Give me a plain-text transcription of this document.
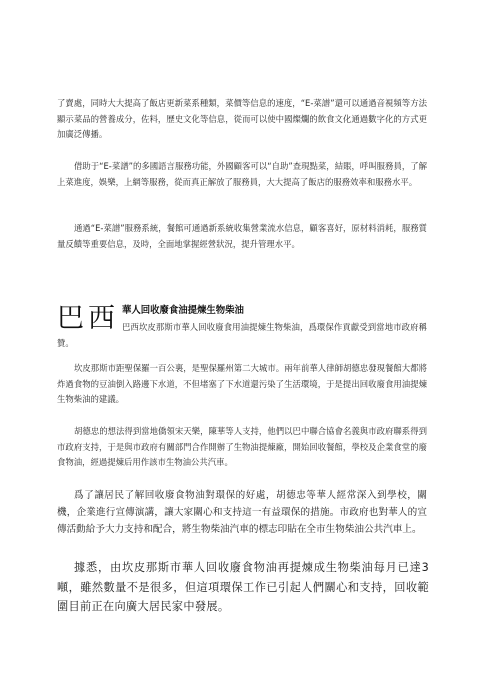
了賣處，同時大大提高了飯店更新菜系種類，菜價等信息的速度，“E-菜譜”還可以通過音視頻等方法顯示菜品的營養成分，佐料，歷史文化等信息，從而可以使中國燦爛的飲食文化通過數字化的方式更加廣泛傳播。

借助于“E-菜譜”的多國語言服務功能，外國顧客可以“自助”查現點菜，結賬，呼叫服務員，了解上菜進度，娛樂，上網等服務，從而真正解放了服務員，大大提高了飯店的服務效率和服務水平。

通過“E-菜譜”服務系統，餐館可通過新系統收集營業流水信息，顧客喜好，原材料消耗，服務質量反饋等重要信息，及時，全面地掌握經營狀況，提升管理水平。

巴 西 華人回收廢食油提煉生物柴油

巴西坎皮那斯市華人回收廢食用油提煉生物柴油，爲環保作貢獻受到當地市政府稱贊。

坎皮那斯市距聖保羅一百公裏，是聖保羅州第二大城市。兩年前華人律師胡德忠發現餐館大都將炸過食物的豆油倒入路邊下水道，不但堵塞了下水道還污染了生活環境，于是提出回收廢食用油提煉生物柴油的建議。

胡德忠的想法得到當地僑領宋天樂，陳華等人支持，他們以巴中聯合協會名義與市政府聯系得到市政府支持，于是與市政府有關部門合作開辦了生物油提煉廠，開始回收餐館，學校及企業食堂的廢食物油，經過提煉后用作該市生物油公共汽車。

爲了讓居民了解回收廢食物油對環保的好處，胡德忠等華人經常深入到學校，關機，企業進行宣傳演講，讓大家關心和支持這一有益環保的措施。市政府也對華人的宣傳活動給予大力支持和配合，將生物柴油汽車的標志印貼在全市生物柴油公共汽車上。

據悉，由坎皮那斯市華人回收廢食物油再提煉成生物柴油每月已達3噸，雖然數量不是很多，但這項環保工作已引起人們關心和支持，回收範圍目前正在向廣大居民家中發展。
